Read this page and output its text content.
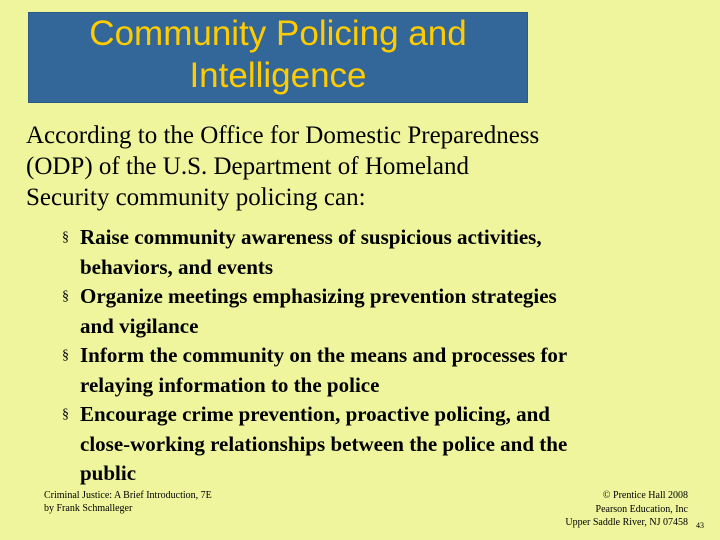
Community Policing and
Intelligence
According to the Office for Domestic Preparedness
(ODP) of the U.S. Department of Homeland
Security community policing can:
§ Raise community awareness of suspicious activities,
behaviors, and events
§ Organize meetings emphasizing prevention strategies
and vigilance
§ Inform the community on the means and processes for
relaying information to the police
§ Encourage crime prevention, proactive policing, and
close-working relationships between the police and the
public
Criminal Justice: A Brief Introduction, 7E
by Frank Schmalleger
© Prentice Hall 2008
Pearson Education, Inc
Upper Saddle River, NJ 07458 43
